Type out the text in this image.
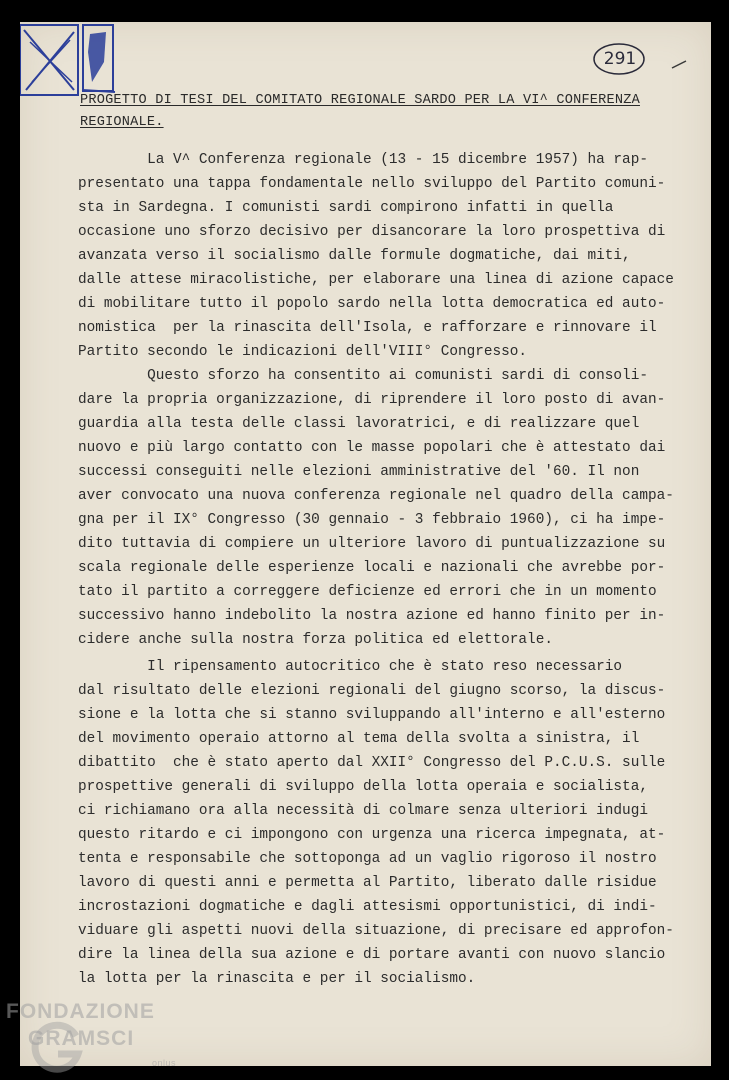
291
PROGETTO DI TESI DEL COMITATO REGIONALE SARDO PER LA VI^ CONFERENZA
REGIONALE.
La V^ Conferenza regionale (13 - 15 dicembre 1957) ha rap-
presentato una tappa fondamentale nello sviluppo del Partito comuni-
sta in Sardegna. I comunisti sardi compirono infatti in quella
occasione uno sforzo decisivo per disancorare la loro prospettiva di
avanzata verso il socialismo dalle formule dogmatiche, dai miti,
dalle attese miracolistiche, per elaborare una linea di azione capace
di mobilitare tutto il popolo sardo nella lotta democratica ed auto-
nomistica  per la rinascita dell'Isola, e rafforzare e rinnovare il
Partito secondo le indicazioni dell'VIII° Congresso.
Questo sforzo ha consentito ai comunisti sardi di consoli-
dare la propria organizzazione, di riprendere il loro posto di avan-
guardia alla testa delle classi lavoratrici, e di realizzare quel
nuovo e più largo contatto con le masse popolari che è attestato dai
successi conseguiti nelle elezioni amministrative del '60. Il non
aver convocato una nuova conferenza regionale nel quadro della campa-
gna per il IX° Congresso (30 gennaio - 3 febbraio 1960), ci ha impe-
dito tuttavia di compiere un ulteriore lavoro di puntualizzazione su
scala regionale delle esperienze locali e nazionali che avrebbe por-
tato il partito a correggere deficienze ed errori che in un momento
successivo hanno indebolito la nostra azione ed hanno finito per in-
cidere anche sulla nostra forza politica ed elettorale.
Il ripensamento autocritico che è stato reso necessario
dal risultato delle elezioni regionali del giugno scorso, la discus-
sione e la lotta che si stanno sviluppando all'interno e all'esterno
del movimento operaio attorno al tema della svolta a sinistra, il
dibattito  che è stato aperto dal XXII° Congresso del P.C.U.S. sulle
prospettive generali di sviluppo della lotta operaia e socialista,
ci richiamano ora alla necessità di colmare senza ulteriori indugi
questo ritardo e ci impongono con urgenza una ricerca impegnata, at-
tenta e responsabile che sottoponga ad un vaglio rigoroso il nostro
lavoro di questi anni e permetta al Partito, liberato dalle risidue
incrostazioni dogmatiche e dagli attesismi opportunistici, di indi-
viduare gli aspetti nuovi della situazione, di precisare ed approfon-
dire la linea della sua azione e di portare avanti con nuovo slancio
la lotta per la rinascita e per il socialismo.
FONDAZIONE
GRAMSCI
onlus
